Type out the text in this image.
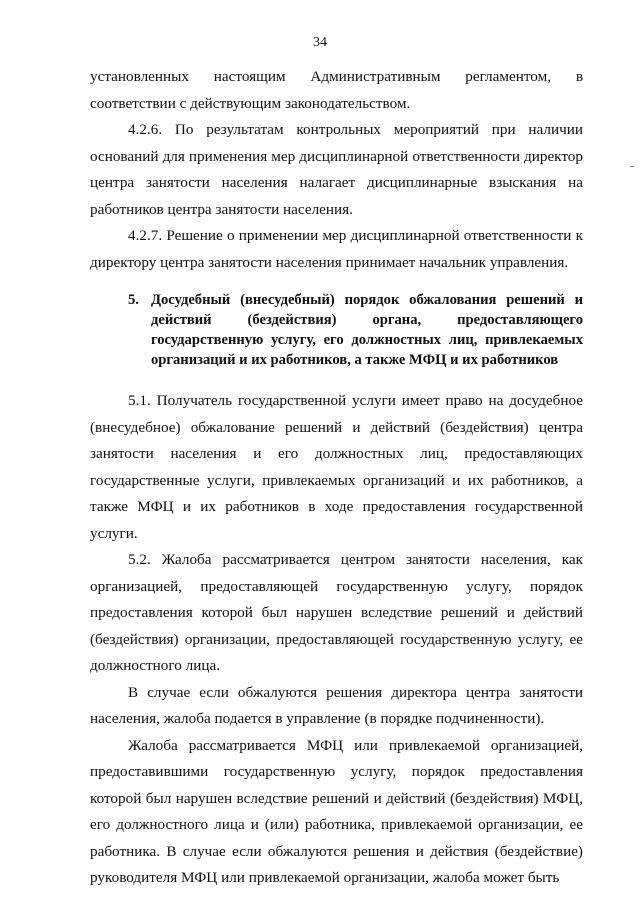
34

установленных настоящим Административным регламентом, в соответствии с действующим законодательством.

4.2.6. По результатам контрольных мероприятий при наличии оснований для применения мер дисциплинарной ответственности директор центра занятости населения налагает дисциплинарные взыскания на работников центра занятости населения.

4.2.7. Решение о применении мер дисциплинарной ответственности к директору центра занятости населения принимает начальник управления.

5. Досудебный (внесудебный) порядок обжалования решений и действий (бездействия) органа, предоставляющего государственную услугу, его должностных лиц, привлекаемых организаций и их работников, а также МФЦ и их работников

5.1. Получатель государственной услуги имеет право на досудебное (внесудебное) обжалование решений и действий (бездействия) центра занятости населения и его должностных лиц, предоставляющих государственные услуги, привлекаемых организаций и их работников, а также МФЦ и их работников в ходе предоставления государственной услуги.

5.2. Жалоба рассматривается центром занятости населения, как организацией, предоставляющей государственную услугу, порядок предоставления которой был нарушен вследствие решений и действий (бездействия) организации, предоставляющей государственную услугу, ее должностного лица.

В случае если обжалуются решения директора центра занятости населения, жалоба подается в управление (в порядке подчиненности).

Жалоба рассматривается МФЦ или привлекаемой организацией, предоставившими государственную услугу, порядок предоставления которой был нарушен вследствие решений и действий (бездействия) МФЦ, его должностного лица и (или) работника, привлекаемой организации, ее работника. В случае если обжалуются решения и действия (бездействие) руководителя МФЦ или привлекаемой организации, жалоба может быть
